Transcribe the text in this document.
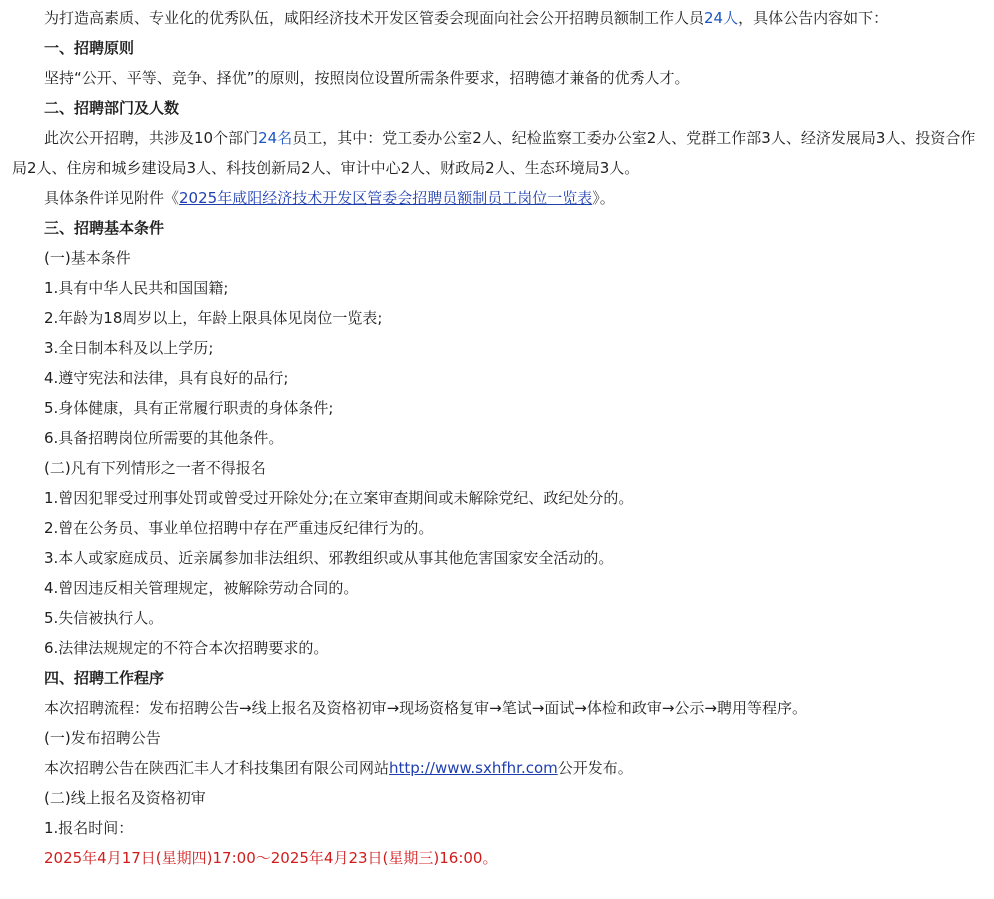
为打造高素质、专业化的优秀队伍，咸阳经济技术开发区管委会现面向社会公开招聘员额制工作人员24人，具体公告内容如下：
一、招聘原则
坚持“公开、平等、竞争、择优”的原则，按照岗位设置所需条件要求，招聘德才兼备的优秀人才。
二、招聘部门及人数
此次公开招聘，共涉及10个部门24名员工，其中：党工委办公室2人、纪检监察工委办公室2人、党群工作部3人、经济发展局3人、投资合作局2人、住房和城乡建设局3人、科技创新局2人、审计中心2人、财政局2人、生态环境局3人。
具体条件详见附件《2025年咸阳经济技术开发区管委会招聘员额制员工岗位一览表》。
三、招聘基本条件
(一)基本条件
1.具有中华人民共和国国籍;
2.年龄为18周岁以上，年龄上限具体见岗位一览表;
3.全日制本科及以上学历;
4.遵守宪法和法律，具有良好的品行;
5.身体健康，具有正常履行职责的身体条件;
6.具备招聘岗位所需要的其他条件。
(二)凡有下列情形之一者不得报名
1.曾因犯罪受过刑事处罚或曾受过开除处分;在立案审查期间或未解除党纪、政纪处分的。
2.曾在公务员、事业单位招聘中存在严重违反纪律行为的。
3.本人或家庭成员、近亲属参加非法组织、邪教组织或从事其他危害国家安全活动的。
4.曾因违反相关管理规定，被解除劳动合同的。
5.失信被执行人。
6.法律法规规定的不符合本次招聘要求的。
四、招聘工作程序
本次招聘流程：发布招聘公告→线上报名及资格初审→现场资格复审→笔试→面试→体检和政审→公示→聘用等程序。
(一)发布招聘公告
本次招聘公告在陕西汇丰人才科技集团有限公司网站http://www.sxhfhr.com公开发布。
(二)线上报名及资格初审
1.报名时间：
2025年4月17日(星期四)17:00～2025年4月23日(星期三)16:00。
